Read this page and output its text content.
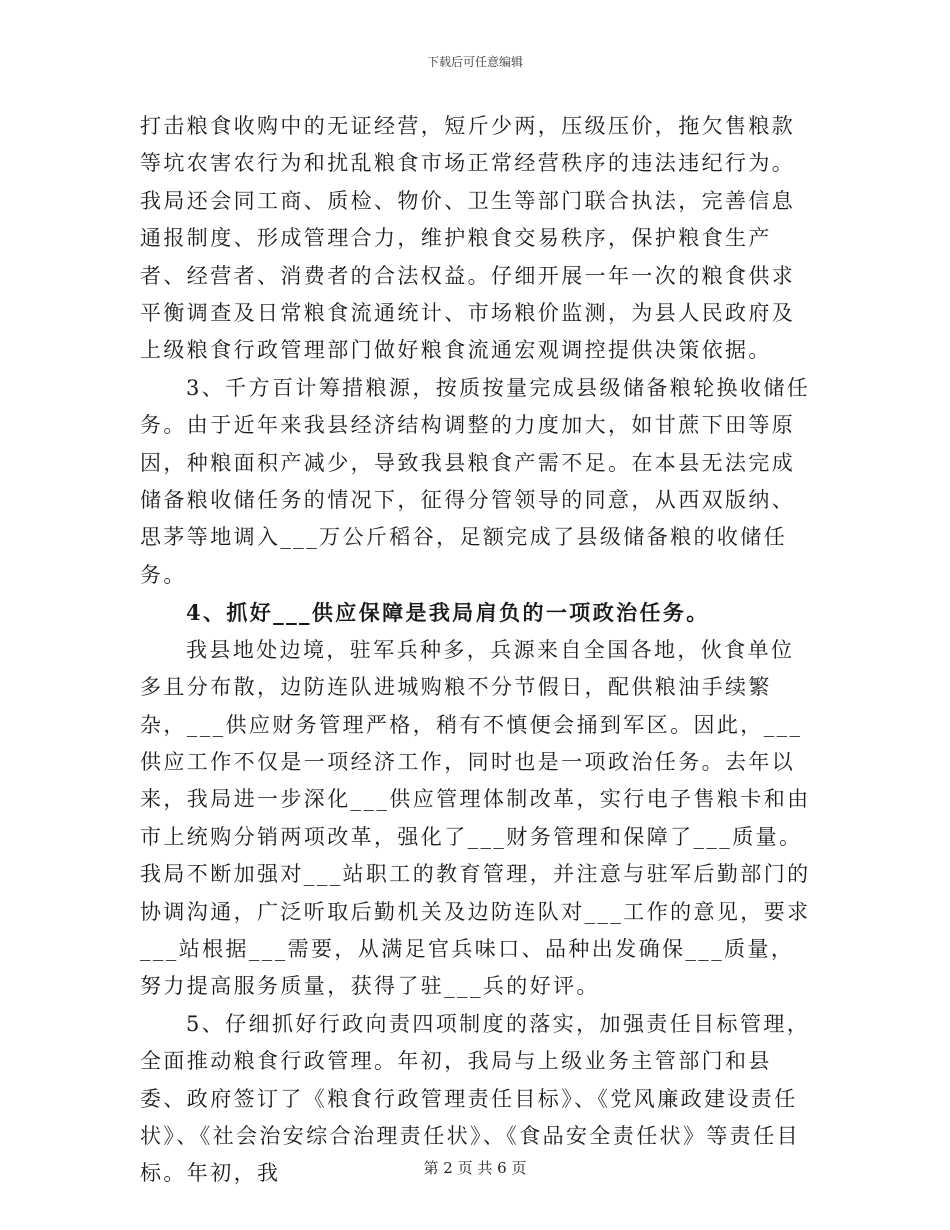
下载后可任意编辑

打击粮食收购中的无证经营，短斤少两，压级压价，拖欠售粮款等坑农害农行为和扰乱粮食市场正常经营秩序的违法违纪行为。我局还会同工商、质检、物价、卫生等部门联合执法，完善信息通报制度、形成管理合力，维护粮食交易秩序，保护粮食生产者、经营者、消费者的合法权益。仔细开展一年一次的粮食供求平衡调查及日常粮食流通统计、市场粮价监测，为县人民政府及上级粮食行政管理部门做好粮食流通宏观调控提供决策依据。

3、千方百计筹措粮源，按质按量完成县级储备粮轮换收储任务。由于近年来我县经济结构调整的力度加大，如甘蔗下田等原因，种粮面积产减少，导致我县粮食产需不足。在本县无法完成储备粮收储任务的情况下，征得分管领导的同意，从西双版纳、思茅等地调入___万公斤稻谷，足额完成了县级储备粮的收储任务。

4、抓好___供应保障是我局肩负的一项政治任务。

我县地处边境，驻军兵种多，兵源来自全国各地，伙食单位多且分布散，边防连队进城购粮不分节假日，配供粮油手续繁杂，___供应财务管理严格，稍有不慎便会捅到军区。因此，___供应工作不仅是一项经济工作，同时也是一项政治任务。去年以来，我局进一步深化___供应管理体制改革，实行电子售粮卡和由市上统购分销两项改革，强化了___财务管理和保障了___质量。我局不断加强对___站职工的教育管理，并注意与驻军后勤部门的协调沟通，广泛听取后勤机关及边防连队对___工作的意见，要求___站根据___需要，从满足官兵味口、品种出发确保___质量，努力提高服务质量，获得了驻___兵的好评。

5、仔细抓好行政向责四项制度的落实，加强责任目标管理，全面推动粮食行政管理。年初，我局与上级业务主管部门和县委、政府签订了《粮食行政管理责任目标》、《党风廉政建设责任状》、《社会治安综合治理责任状》、《食品安全责任状》等责任目标。年初，我	第 2 页 共 6 页
